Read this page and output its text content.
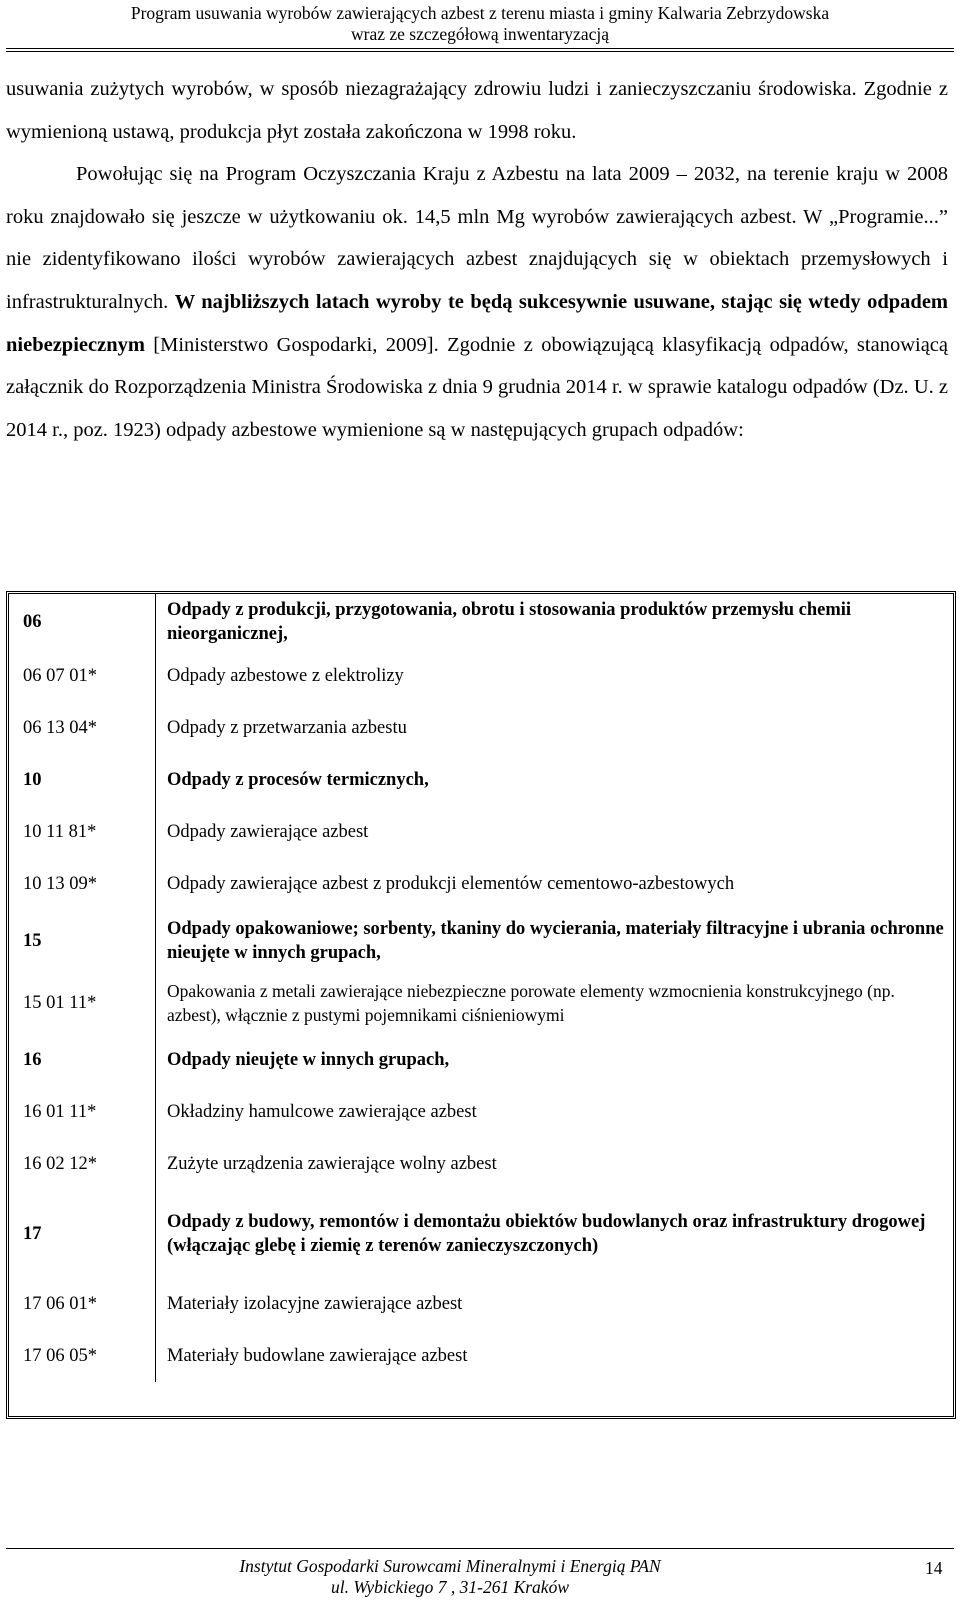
Program usuwania wyrobów zawierających azbest z terenu miasta i gminy Kalwaria Zebrzydowska
wraz ze szczegółową inwentaryzacją

usuwania zużytych wyrobów, w sposób niezagrażający zdrowiu ludzi i zanieczyszczaniu środowiska. Zgodnie z wymienioną ustawą, produkcja płyt została zakończona w 1998 roku.

Powołując się na Program Oczyszczania Kraju z Azbestu na lata 2009 – 2032, na terenie kraju w 2008 roku znajdowało się jeszcze w użytkowaniu ok. 14,5 mln Mg wyrobów zawierających azbest. W „Programie...” nie zidentyfikowano ilości wyrobów zawierających azbest znajdujących się w obiektach przemysłowych i infrastrukturalnych. W najbliższych latach wyroby te będą sukcesywnie usuwane, stając się wtedy odpadem niebezpiecznym [Ministerstwo Gospodarki, 2009]. Zgodnie z obowiązującą klasyfikacją odpadów, stanowiącą załącznik do Rozporządzenia Ministra Środowiska z dnia 9 grudnia 2014 r. w sprawie katalogu odpadów (Dz. U. z 2014 r., poz. 1923) odpady azbestowe wymienione są w następujących grupach odpadów:

06	Odpady z produkcji, przygotowania, obrotu i stosowania produktów przemysłu chemii nieorganicznej,
06 07 01*	Odpady azbestowe z elektrolizy
06 13 04*	Odpady z przetwarzania azbestu
10	Odpady z procesów termicznych,
10 11 81*	Odpady zawierające azbest
10 13 09*	Odpady zawierające azbest z produkcji elementów cementowo-azbestowych
15	Odpady opakowaniowe; sorbenty, tkaniny do wycierania, materiały filtracyjne i ubrania ochronne nieujęte w innych grupach,
15 01 11*	Opakowania z metali zawierające niebezpieczne porowate elementy wzmocnienia konstrukcyjnego (np. azbest), włącznie z pustymi pojemnikami ciśnieniowymi
16	Odpady nieujęte w innych grupach,
16 01 11*	Okładziny hamulcowe zawierające azbest
16 02 12*	Zużyte urządzenia zawierające wolny azbest
17	Odpady z budowy, remontów i demontażu obiektów budowlanych oraz infrastruktury drogowej (włączając glebę i ziemię z terenów zanieczyszczonych)
17 06 01*	Materiały izolacyjne zawierające azbest
17 06 05*	Materiały budowlane zawierające azbest
Instytut Gospodarki Surowcami Mineralnymi i Energią PAN
ul. Wybickiego 7 , 31-261 Kraków
14
